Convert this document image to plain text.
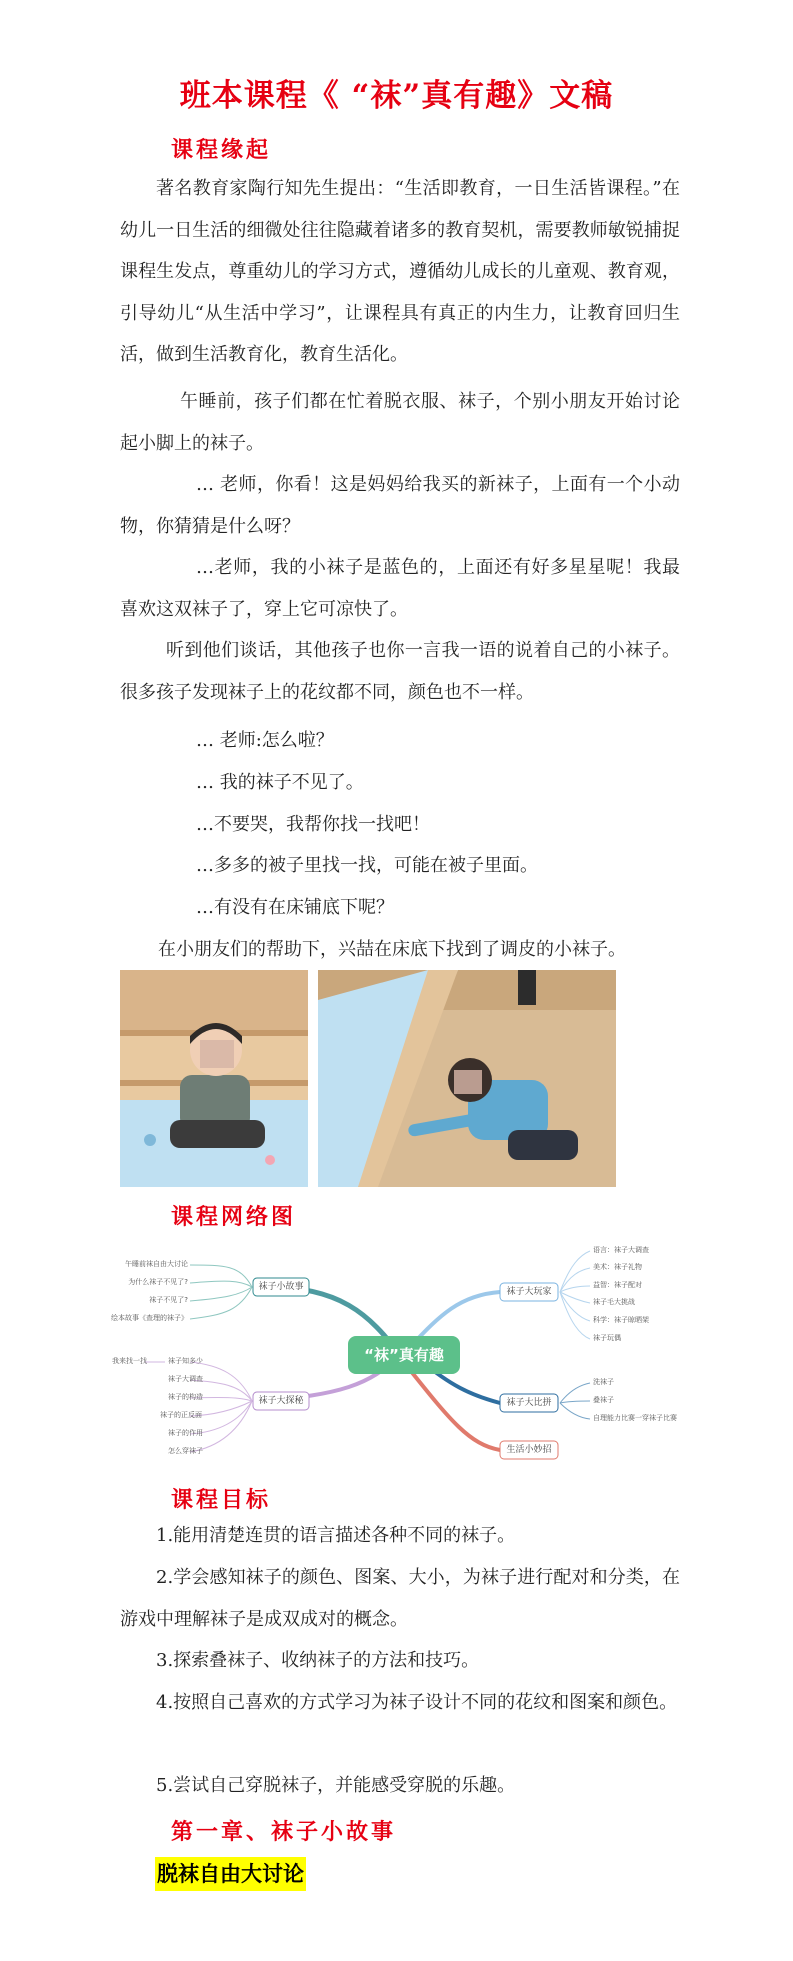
班本课程《 “袜”真有趣》文稿
课程缘起

著名教育家陶行知先生提出：“生活即教育，一日生活皆课程。”在幼儿一日生活的细微处往往隐藏着诸多的教育契机，需要教师敏锐捕捉课程生发点，尊重幼儿的学习方式，遵循幼儿成长的儿童观、教育观，引导幼儿“从生活中学习”，让课程具有真正的内生力，让教育回归生活，做到生活教育化，教育生活化。

午睡前，孩子们都在忙着脱衣服、袜子，个别小朋友开始讨论起小脚上的袜子。

… 老师，你看！这是妈妈给我买的新袜子，上面有一个小动物，你猜猜是什么呀？

…老师，我的小袜子是蓝色的，上面还有好多星星呢！我最喜欢这双袜子了，穿上它可凉快了。

听到他们谈话，其他孩子也你一言我一语的说着自己的小袜子。很多孩子发现袜子上的花纹都不同，颜色也不一样。

… 老师:怎么啦？
… 我的袜子不见了。
…不要哭，我帮你找一找吧！
…多多的被子里找一找，可能在被子里面。
…有没有在床铺底下呢？
在小朋友们的帮助下，兴喆在床底下找到了调皮的小袜子。
课程网络图
“袜”真有趣
袜子小故事
袜子大探秘
袜子大玩家
袜子大比拼
生活小妙招
午睡前袜自由大讨论
为什么袜子不见了?
袜子不见了?
绘本故事《查理的袜子》
我来找一找	袜子知多少
袜子大调查
袜子的构造
袜子的正反面
袜子的作用
怎么穿袜子
语言：袜子大调查
美术：袜子礼物
益智：袜子配对
袜子毛大挑战
科学：袜子晾晒架
袜子玩偶
洗袜子
叠袜子
自理能力比赛一穿袜子比赛
课程目标

1.能用清楚连贯的语言描述各种不同的袜子。

2.学会感知袜子的颜色、图案、大小，为袜子进行配对和分类，在游戏中理解袜子是成双成对的概念。

3.探索叠袜子、收纳袜子的方法和技巧。

4.按照自己喜欢的方式学习为袜子设计不同的花纹和图案和颜色。

5.尝试自己穿脱袜子，并能感受穿脱的乐趣。

第一章、袜子小故事
脱袜自由大讨论
